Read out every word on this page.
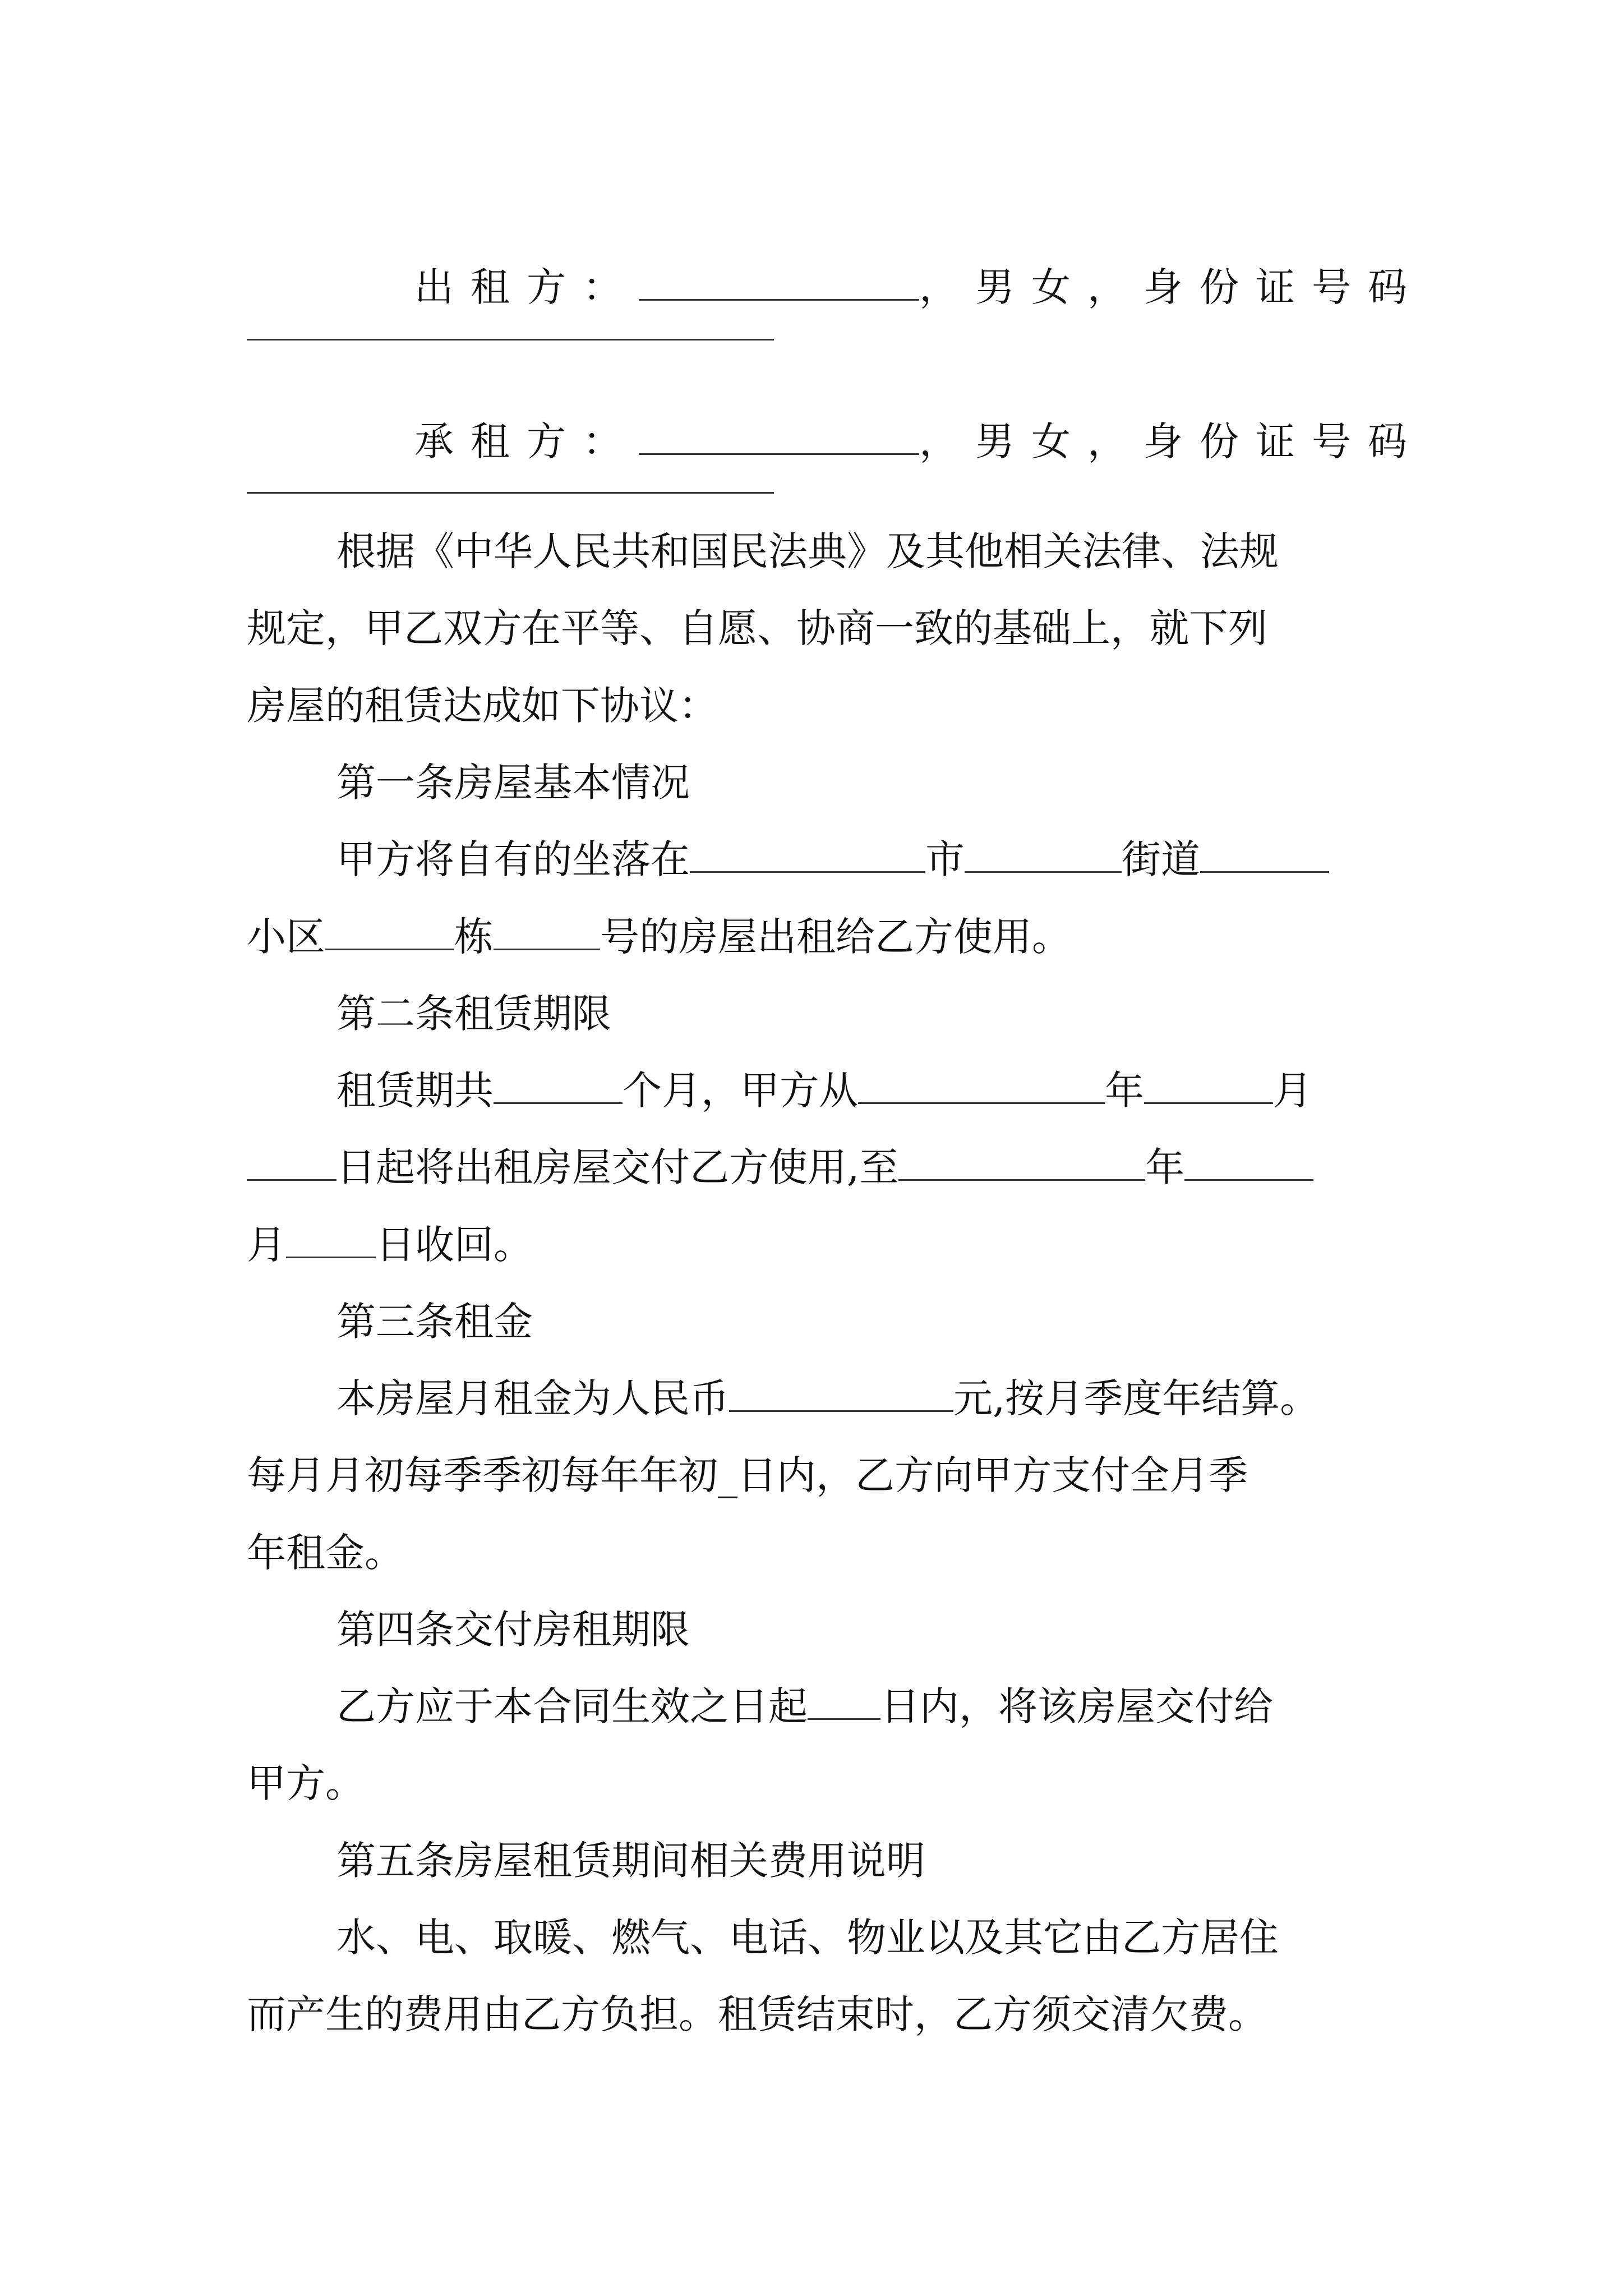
出租方：	，男女，身份证号码

承租方：	，男女，身份证号码

根据《中华人民共和国民法典》及其他相关法律、法规
规定，甲乙双方在平等、自愿、协商一致的基础上，就下列
房屋的租赁达成如下协议：
第一条房屋基本情况
甲方将自有的坐落在	市	街道
小区	栋	号的房屋出租给乙方使用。
第二条租赁期限
租赁期共	个月，甲方从	年	月
日起将出租房屋交付乙方使用,至	年
月 日收回。
第三条租金
本房屋月租金为人民币	元,按月季度年结算。
每月月初每季季初每年年初_日内，乙方向甲方支付全月季
年租金。
第四条交付房租期限
乙方应于本合同生效之日起 日内，将该房屋交付给
甲方。
第五条房屋租赁期间相关费用说明
水、电、取暖、燃气、电话、物业以及其它由乙方居住
而产生的费用由乙方负担。租赁结束时，乙方须交清欠费。
